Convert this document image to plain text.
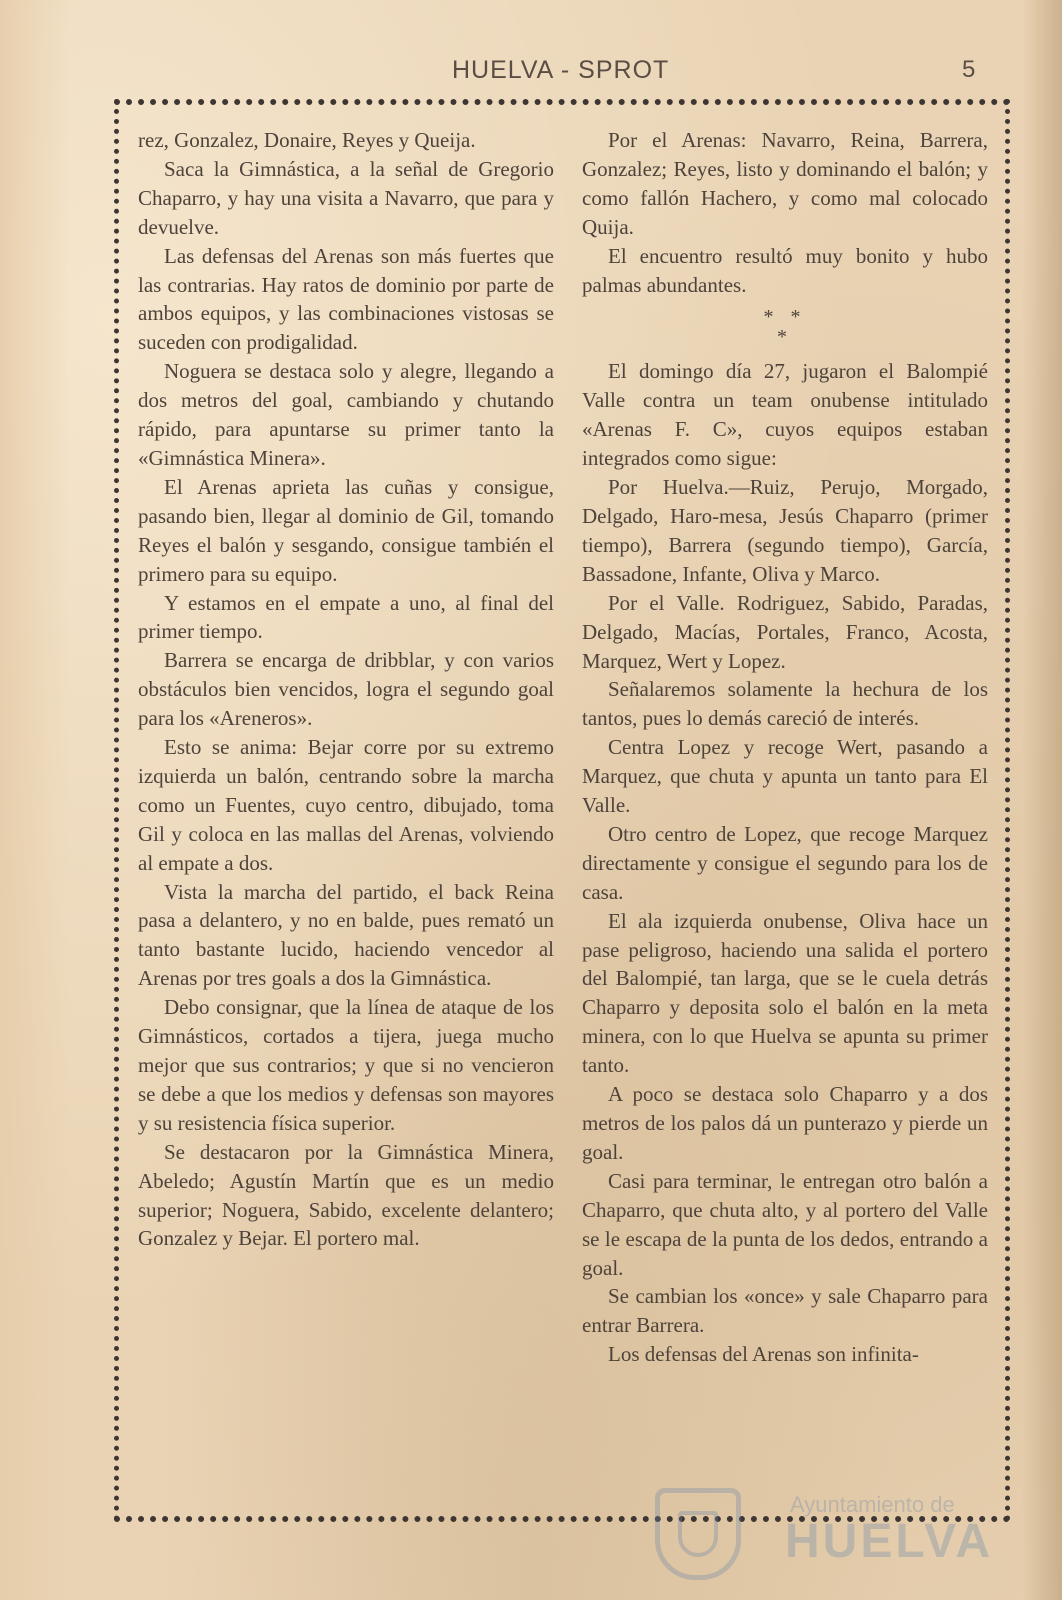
HUELVA - SPROT	5

rez, Gonzalez, Donaire, Reyes y Queija.

Saca la Gimnástica, a la señal de Gregorio Chaparro, y hay una visita a Navarro, que para y devuelve.

Las defensas del Arenas son más fuertes que las contrarias. Hay ratos de dominio por parte de ambos equipos, y las combinaciones vistosas se suceden con prodigalidad.

Noguera se destaca solo y alegre, llegando a dos metros del goal, cambiando y chutando rápido, para apuntarse su primer tanto la «Gimnástica Minera».

El Arenas aprieta las cuñas y consigue, pasando bien, llegar al dominio de Gil, tomando Reyes el balón y sesgando, consigue también el primero para su equipo.

Y estamos en el empate a uno, al final del primer tiempo.

Barrera se encarga de dribblar, y con varios obstáculos bien vencidos, logra el segundo goal para los «Areneros».

Esto se anima: Bejar corre por su extremo izquierda un balón, centrando sobre la marcha como un Fuentes, cuyo centro, dibujado, toma Gil y coloca en las mallas del Arenas, volviendo al empate a dos.

Vista la marcha del partido, el back Reina pasa a delantero, y no en balde, pues remató un tanto bastante lucido, haciendo vencedor al Arenas por tres goals a dos la Gimnástica.

Debo consignar, que la línea de ataque de los Gimnásticos, cortados a tijera, juega mucho mejor que sus contrarios; y que si no vencieron se debe a que los medios y defensas son mayores y su resistencia física superior.

Se destacaron por la Gimnástica Minera, Abeledo; Agustín Martín que es un medio superior; Noguera, Sabido, excelente delantero; Gonzalez y Bejar. El portero mal.

Por el Arenas: Navarro, Reina, Barrera, Gonzalez; Reyes, listo y dominando el balón; y como fallón Hachero, y como mal colocado Quija.

El encuentro resultó muy bonito y hubo palmas abundantes.

* *
*

El domingo día 27, jugaron el Balompié Valle contra un team onubense intitulado «Arenas F. C», cuyos equipos estaban integrados como sigue:

Por Huelva.—Ruiz, Perujo, Morgado, Delgado, Haro-mesa, Jesús Chaparro (primer tiempo), Barrera (segundo tiempo), García, Bassadone, Infante, Oliva y Marco.

Por el Valle. Rodriguez, Sabido, Paradas, Delgado, Macías, Portales, Franco, Acosta, Marquez, Wert y Lopez.

Señalaremos solamente la hechura de los tantos, pues lo demás careció de interés.

Centra Lopez y recoge Wert, pasando a Marquez, que chuta y apunta un tanto para El Valle.

Otro centro de Lopez, que recoge Marquez directamente y consigue el segundo para los de casa.

El ala izquierda onubense, Oliva hace un pase peligroso, haciendo una salida el portero del Balompié, tan larga, que se le cuela detrás Chaparro y deposita solo el balón en la meta minera, con lo que Huelva se apunta su primer tanto.

A poco se destaca solo Chaparro y a dos metros de los palos dá un punterazo y pierde un goal.

Casi para terminar, le entregan otro balón a Chaparro, que chuta alto, y al portero del Valle se le escapa de la punta de los dedos, entrando a goal.

Se cambian los «once» y sale Chaparro para entrar Barrera.

Los defensas del Arenas son infinita-

Ayuntamiento de
HUELVA
